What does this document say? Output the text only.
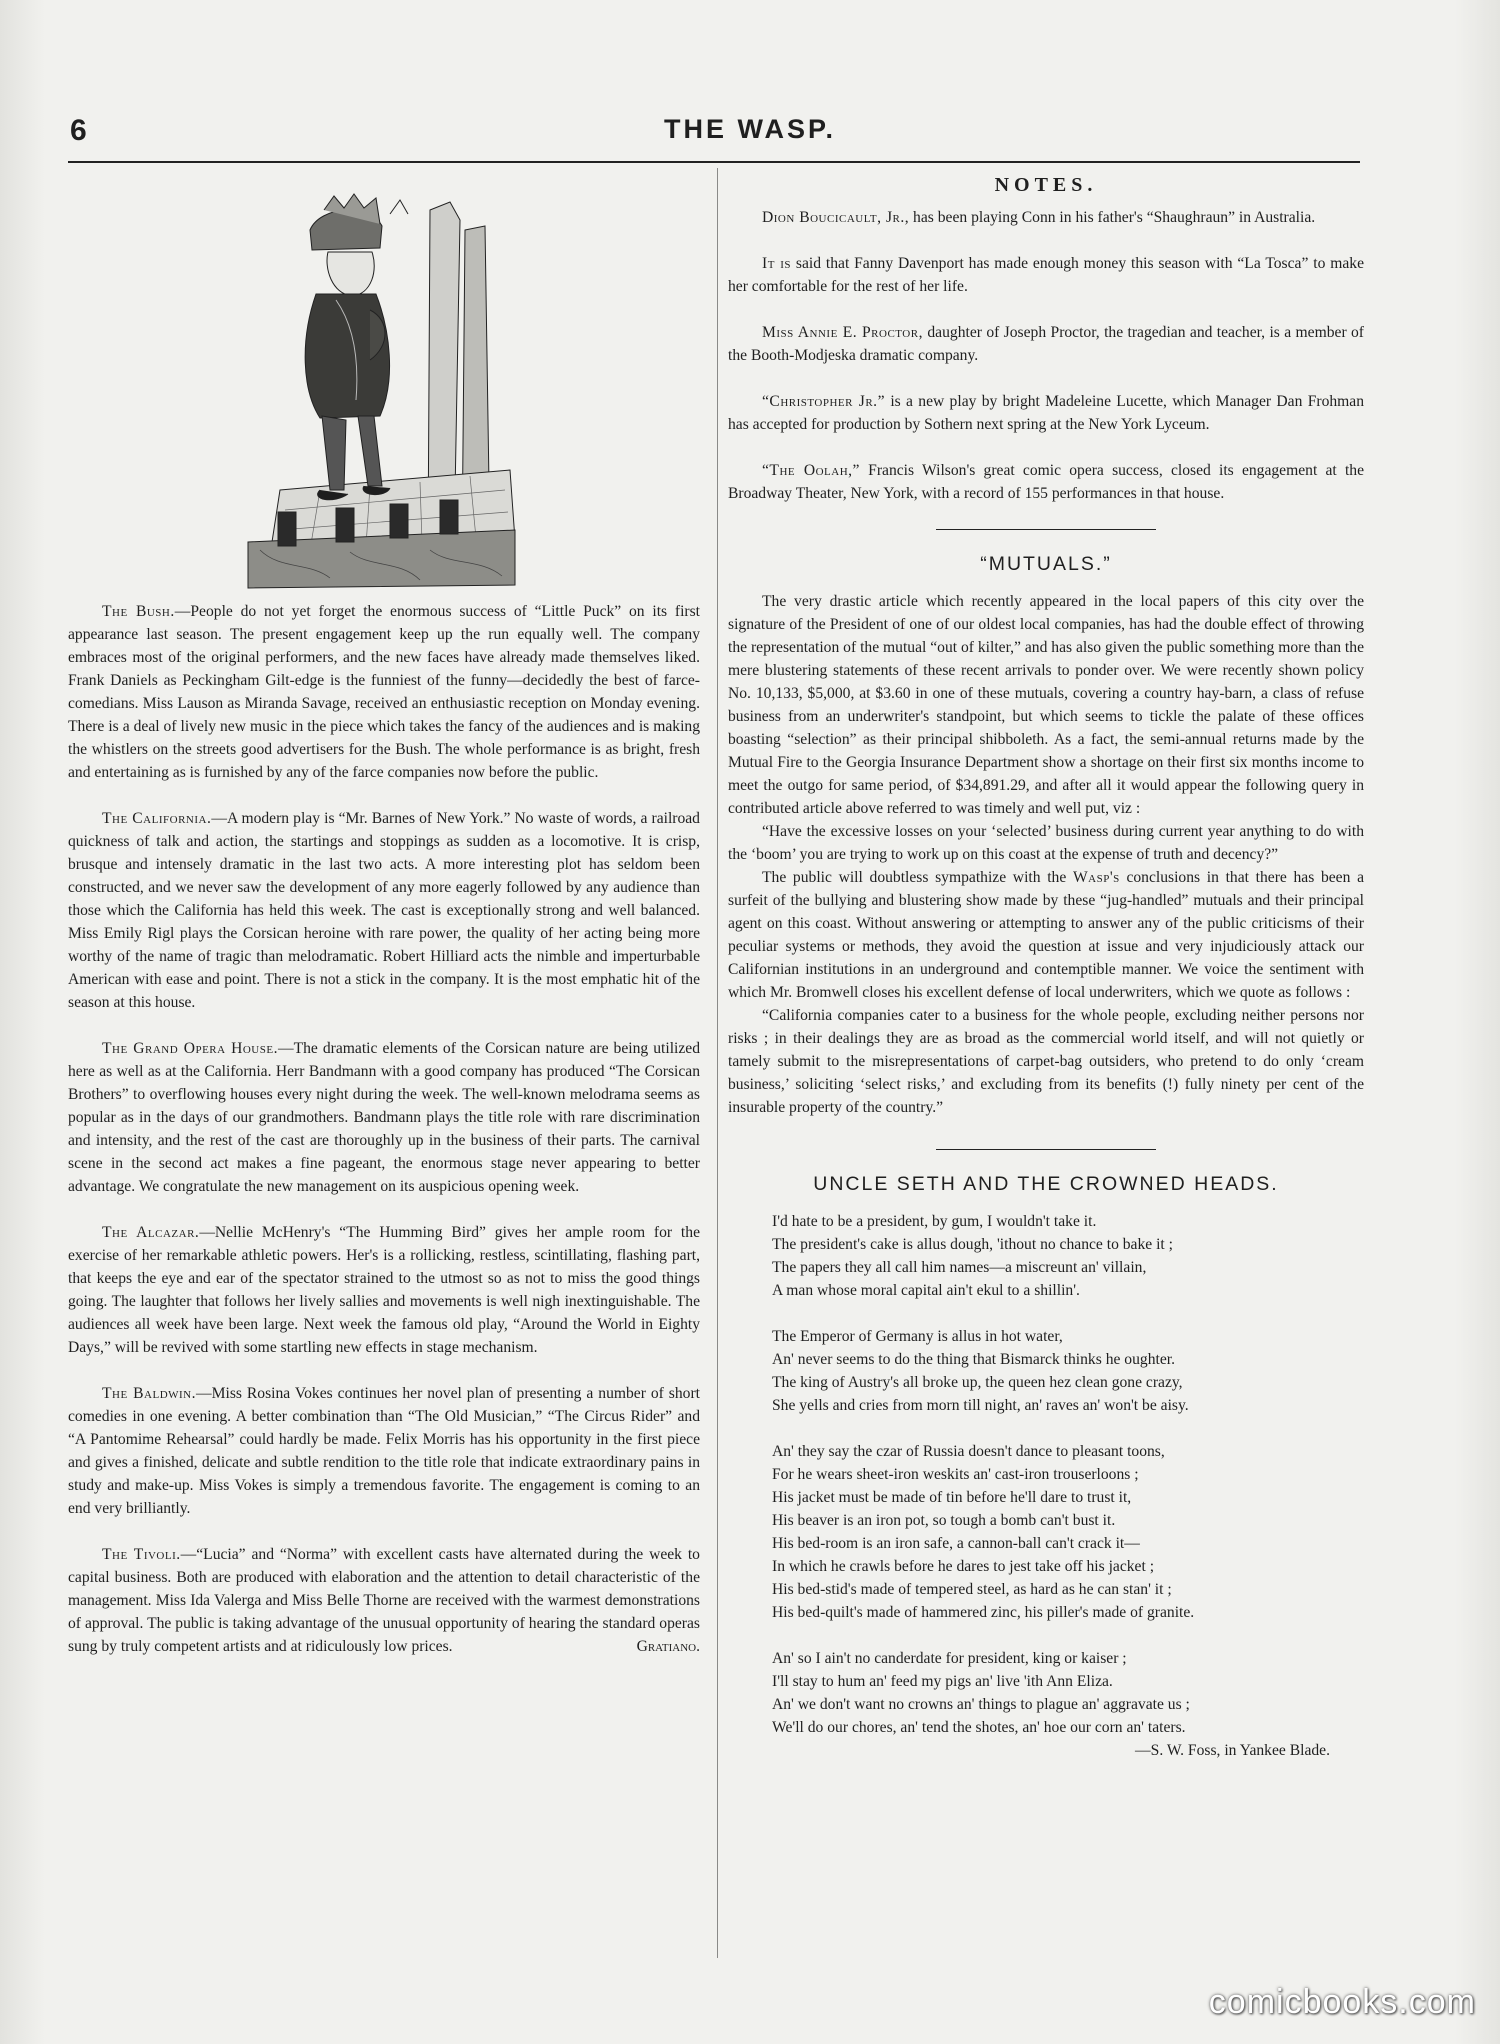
6	THE WASP.

The Bush.—People do not yet forget the enormous success of “Little Puck” on its first appearance last season. The present engagement keep up the run equally well. The company embraces most of the original performers, and the new faces have already made themselves liked. Frank Daniels as Peckingham Gilt-edge is the funniest of the funny—decidedly the best of farce-comedians. Miss Lauson as Miranda Savage, received an enthusiastic reception on Monday evening. There is a deal of lively new music in the piece which takes the fancy of the audiences and is making the whistlers on the streets good advertisers for the Bush. The whole performance is as bright, fresh and entertaining as is furnished by any of the farce companies now before the public.

The California.—A modern play is “Mr. Barnes of New York.” No waste of words, a railroad quickness of talk and action, the startings and stoppings as sudden as a locomotive. It is crisp, brusque and intensely dramatic in the last two acts. A more interesting plot has seldom been constructed, and we never saw the development of any more eagerly followed by any audience than those which the California has held this week. The cast is exceptionally strong and well balanced. Miss Emily Rigl plays the Corsican heroine with rare power, the quality of her acting being more worthy of the name of tragic than melodramatic. Robert Hilliard acts the nimble and imperturbable American with ease and point. There is not a stick in the company. It is the most emphatic hit of the season at this house.

The Grand Opera House.—The dramatic elements of the Corsican nature are being utilized here as well as at the California. Herr Bandmann with a good company has produced “The Corsican Brothers” to overflowing houses every night during the week. The well-known melodrama seems as popular as in the days of our grandmothers. Bandmann plays the title role with rare discrimination and intensity, and the rest of the cast are thoroughly up in the business of their parts. The carnival scene in the second act makes a fine pageant, the enormous stage never appearing to better advantage. We congratulate the new management on its auspicious opening week.

The Alcazar.—Nellie McHenry's “The Humming Bird” gives her ample room for the exercise of her remarkable athletic powers. Her's is a rollicking, restless, scintillating, flashing part, that keeps the eye and ear of the spectator strained to the utmost so as not to miss the good things going. The laughter that follows her lively sallies and movements is well nigh inextinguishable. The audiences all week have been large. Next week the famous old play, “Around the World in Eighty Days,” will be revived with some startling new effects in stage mechanism.

The Baldwin.—Miss Rosina Vokes continues her novel plan of presenting a number of short comedies in one evening. A better combination than “The Old Musician,” “The Circus Rider” and “A Pantomime Rehearsal” could hardly be made. Felix Morris has his opportunity in the first piece and gives a finished, delicate and subtle rendition to the title role that indicate extraordinary pains in study and make-up. Miss Vokes is simply a tremendous favorite. The engagement is coming to an end very brilliantly.

The Tivoli.—“Lucia” and “Norma” with excellent casts have alternated during the week to capital business. Both are produced with elaboration and the attention to detail characteristic of the management. Miss Ida Valerga and Miss Belle Thorne are received with the warmest demonstrations of approval. The public is taking advantage of the unusual opportunity of hearing the standard operas sung by truly competent artists and at ridiculously low prices.	Gratiano.

NOTES.

Dion Boucicault, Jr., has been playing Conn in his father's “Shaughraun” in Australia.

It is said that Fanny Davenport has made enough money this season with “La Tosca” to make her comfortable for the rest of her life.

Miss Annie E. Proctor, daughter of Joseph Proctor, the tragedian and teacher, is a member of the Booth-Modjeska dramatic company.

“Christopher Jr.” is a new play by bright Madeleine Lucette, which Manager Dan Frohman has accepted for production by Sothern next spring at the New York Lyceum.

“The Oolah,” Francis Wilson's great comic opera success, closed its engagement at the Broadway Theater, New York, with a record of 155 performances in that house.

“MUTUALS.”

The very drastic article which recently appeared in the local papers of this city over the signature of the President of one of our oldest local companies, has had the double effect of throwing the representation of the mutual “out of kilter,” and has also given the public something more than the mere blustering statements of these recent arrivals to ponder over. We were recently shown policy No. 10,133, $5,000, at $3.60 in one of these mutuals, covering a country hay-barn, a class of refuse business from an underwriter's standpoint, but which seems to tickle the palate of these offices boasting “selection” as their principal shibboleth. As a fact, the semi-annual returns made by the Mutual Fire to the Georgia Insurance Department show a shortage on their first six months income to meet the outgo for same period, of $34,891.29, and after all it would appear the following query in contributed article above referred to was timely and well put, viz :

“Have the excessive losses on your ‘selected’ business during current year anything to do with the ‘boom’ you are trying to work up on this coast at the expense of truth and decency?”

The public will doubtless sympathize with the Wasp's conclusions in that there has been a surfeit of the bullying and blustering show made by these “jug-handled” mutuals and their principal agent on this coast. Without answering or attempting to answer any of the public criticisms of their peculiar systems or methods, they avoid the question at issue and very injudiciously attack our Californian institutions in an underground and contemptible manner. We voice the sentiment with which Mr. Bromwell closes his excellent defense of local underwriters, which we quote as follows :

“California companies cater to a business for the whole people, excluding neither persons nor risks ; in their dealings they are as broad as the commercial world itself, and will not quietly or tamely submit to the misrepresentations of carpet-bag outsiders, who pretend to do only ‘cream business,’ soliciting ‘select risks,’ and excluding from its benefits (!) fully ninety per cent of the insurable property of the country.”

UNCLE SETH AND THE CROWNED HEADS.
I'd hate to be a president, by gum, I wouldn't take it.
The president's cake is allus dough, 'ithout no chance to bake it ;
The papers they all call him names—a miscreunt an' villain,
A man whose moral capital ain't ekul to a shillin'.
The Emperor of Germany is allus in hot water,
An' never seems to do the thing that Bismarck thinks he oughter.
The king of Austry's all broke up, the queen hez clean gone crazy,
She yells and cries from morn till night, an' raves an' won't be aisy.
An' they say the czar of Russia doesn't dance to pleasant toons,
For he wears sheet-iron weskits an' cast-iron trouserloons ;
His jacket must be made of tin before he'll dare to trust it,
His beaver is an iron pot, so tough a bomb can't bust it.
His bed-room is an iron safe, a cannon-ball can't crack it—
In which he crawls before he dares to jest take off his jacket ;
His bed-stid's made of tempered steel, as hard as he can stan' it ;
His bed-quilt's made of hammered zinc, his piller's made of granite.
An' so I ain't no canderdate for president, king or kaiser ;
I'll stay to hum an' feed my pigs an' live 'ith Ann Eliza.
An' we don't want no crowns an' things to plague an' aggravate us ;
We'll do our chores, an' tend the shotes, an' hoe our corn an' taters.
—S. W. Foss, in Yankee Blade.
comicbooks.com
